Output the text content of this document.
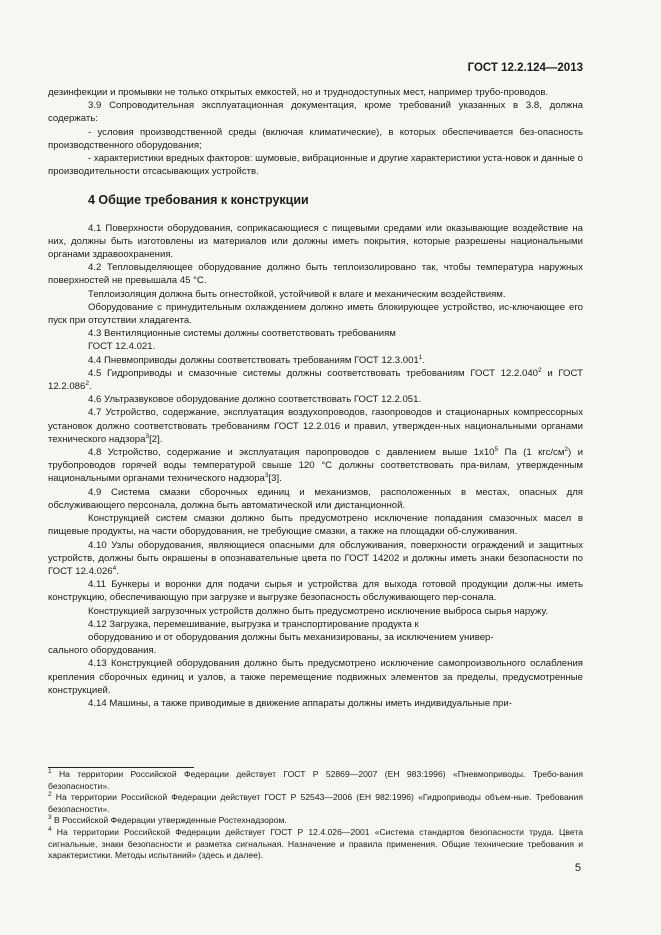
ГОСТ 12.2.124—2013

дезинфекции и промывки не только открытых емкостей, но и труднодоступных мест, например трубо-проводов.

3.9 Сопроводительная эксплуатационная документация, кроме требований указанных в 3.8, должна содержать:

- условия производственной среды (включая климатические), в которых обеспечивается без-опасность производственного оборудования;

- характеристики вредных факторов: шумовые, вибрационные и другие характеристики уста-новок и данные о производительности отсасывающих устройств.

4 Общие требования к конструкции

4.1 Поверхности оборудования, соприкасающиеся с пищевыми средами или оказывающие воздействие на них, должны быть изготовлены из материалов или должны иметь покрытия, которые разрешены национальными органами здравоохранения.

4.2 Тепловыделяющее оборудование должно быть теплоизолировано так, чтобы температура наружных поверхностей не превышала 45 °С.

Теплоизоляция должна быть огнестойкой, устойчивой к влаге и механическим воздействиям.

Оборудование с принудительным охлаждением должно иметь блокирующее устройство, ис-ключающее его пуск при отсутствии хладагента.

4.3 Вентиляционные системы должны соответствовать требованиям

ГОСТ 12.4.021.

4.4 Пневмоприводы должны соответствовать требованиям ГОСТ 12.3.001$^1$.

4.5 Гидроприводы и смазочные системы должны соответствовать требованиям ГОСТ 12.2.040$^2$ и ГОСТ 12.2.086$^2$.

4.6 Ультразвуковое оборудование должно соответствовать ГОСТ 12.2.051.

4.7 Устройство, содержание, эксплуатация воздухопроводов, газопроводов и стационарных компрессорных установок должно соответствовать требованиям ГОСТ 12.2.016 и правил, утвержден-ных национальными органами технического надзора$^3$[2].

4.8 Устройство, содержание и эксплуатация паропроводов с давлением выше $1х10^5$ Па (1 кгс/$см^2$) и трубопроводов горячей воды температурой свыше 120 °С должны соответствовать пра-вилам, утвержденным национальными органами технического надзора$^3$[3].

4.9 Система смазки сборочных единиц и механизмов, расположенных в местах, опасных для обслуживающего персонала, должна быть автоматической или дистанционной.

Конструкцией систем смазки должно быть предусмотрено исключение попадания смазочных масел в пищевые продукты, на части оборудования, не требующие смазки, а также на площадки об-служивания.

4.10 Узлы оборудования, являющиеся опасными для обслуживания, поверхности ограждений и защитных устройств, должны быть окрашены в опознавательные цвета по ГОСТ 14202 и должны иметь знаки безопасности по ГОСТ 12.4.026$^4$.

4.11 Бункеры и воронки для подачи сырья и устройства для выхода готовой продукции долж-ны иметь конструкцию, обеспечивающую при загрузке и выгрузке безопасность обслуживающего пер-сонала.

Конструкцией загрузочных устройств должно быть предусмотрено исключение выброса сырья наружу.

4.12 Загрузка, перемешивание, выгрузка и транспортирование продукта к

оборудованию и от оборудования должны быть механизированы, за исключением универ-

сального оборудования.

4.13 Конструкцией оборудования должно быть предусмотрено исключение самопроизвольного ослабления крепления сборочных единиц и узлов, а также перемещение подвижных элементов за пределы, предусмотренные конструкцией.

4.14 Машины, а также приводимые в движение аппараты должны иметь индивидуальные при-

$^1$ На территории Российской Федерации действует ГОСТ Р 52869—2007 (ЕН 983:1996) «Пневмоприводы. Требо-вания безопасности».

$^2$ На территории Российской Федерации действует ГОСТ Р 52543—2006 (ЕН 982:1996) «Гидроприводы объем-ные. Требования безопасности».

$^3$ В Российской Федерации утвержденные Ростехнадзором.

$^4$ На территории Российской Федерации действует ГОСТ Р 12.4.026—2001 «Система стандартов безопасности труда. Цвета сигнальные, знаки безопасности и разметка сигнальная. Назначение и правила применения. Общие технические требования и характеристики. Методы испытаний» (здесь и далее).

5
